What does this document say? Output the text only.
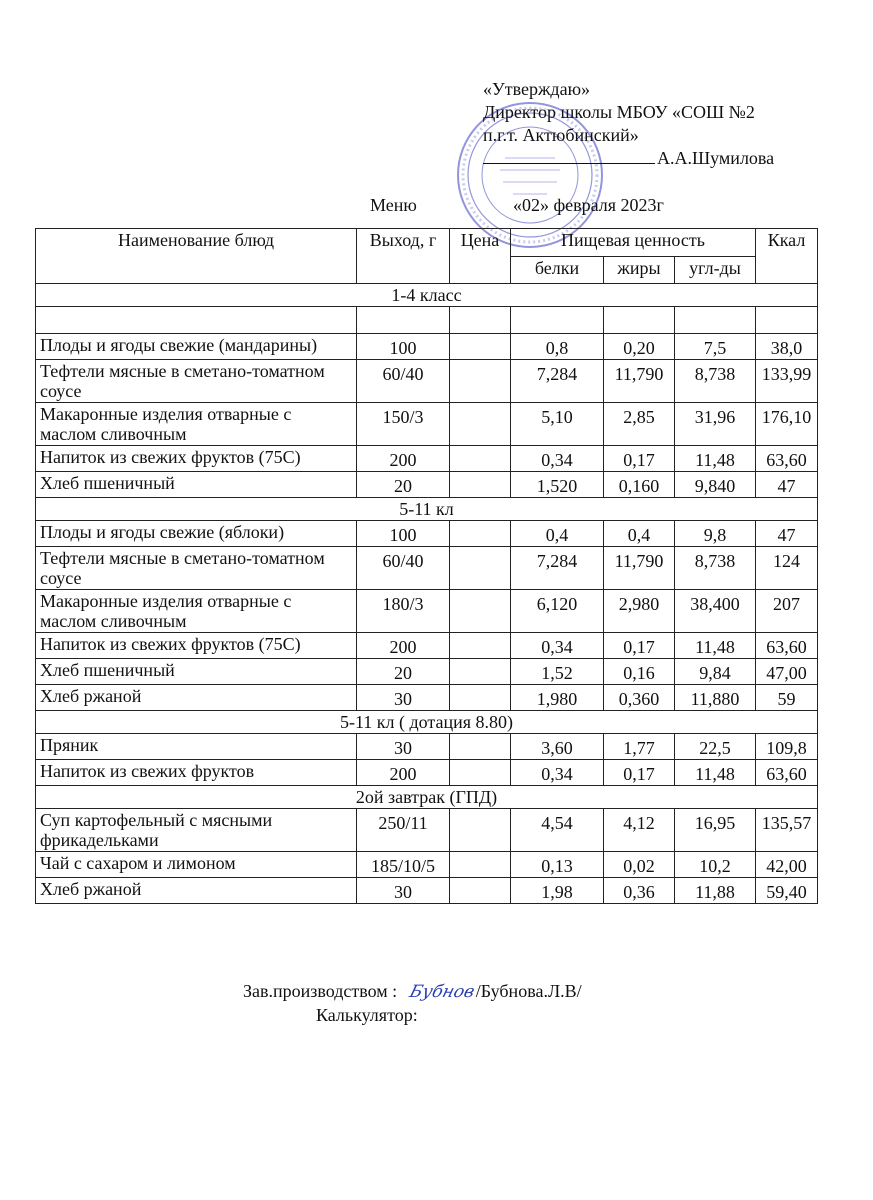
«Утверждаю»
Директор школы МБОУ «СОШ №2
п.г.т. Актюбинский»
А.А.Шумилова
Меню	«02» февраля 2023г
Наименование блюд	Выход, г	Цена	Пищевая ценность			Ккал
			белки	жиры	угл-ды	
1-4 класс						

Плоды и ягоды свежие (мандарины)	100		0,8	0,20	7,5	38,0
Тефтели мясные в сметано-томатном соусе	60/40		7,284	11,790	8,738	133,99
Макаронные изделия отварные с маслом сливочным	150/3		5,10	2,85	31,96	176,10
Напиток из свежих фруктов (75С)	200		0,34	0,17	11,48	63,60
Хлеб пшеничный	20		1,520	0,160	9,840	47
5-11 кл						
Плоды и ягоды свежие (яблоки)	100		0,4	0,4	9,8	47
Тефтели мясные в сметано-томатном соусе	60/40		7,284	11,790	8,738	124
Макаронные изделия отварные с маслом сливочным	180/3		6,120	2,980	38,400	207
Напиток из свежих фруктов (75С)	200		0,34	0,17	11,48	63,60
Хлеб пшеничный	20		1,52	0,16	9,84	47,00
Хлеб ржаной	30		1,980	0,360	11,880	59
5-11 кл ( дотация 8.80)						
Пряник	30		3,60	1,77	22,5	109,8
Напиток из свежих фруктов	200		0,34	0,17	11,48	63,60
2ой завтрак (ГПД)						
Суп картофельный с мясными фрикадельками	250/11		4,54	4,12	16,95	135,57
Чай с сахаром и лимоном	185/10/5		0,13	0,02	10,2	42,00
Хлеб ржаной	30		1,98	0,36	11,88	59,40
Зав.производством : Бубнов/Бубнова.Л.В/
Калькулятор:
